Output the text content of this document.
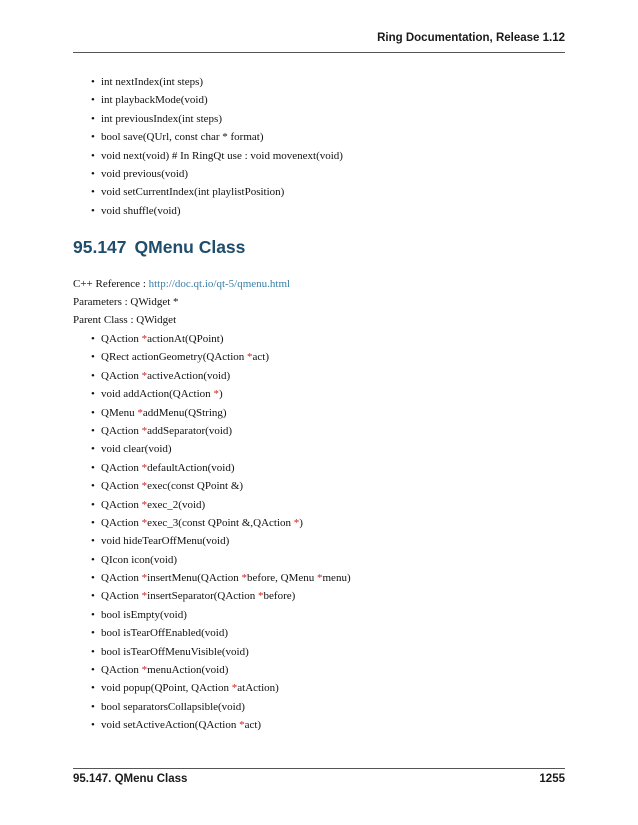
Ring Documentation, Release 1.12
• int nextIndex(int steps)
• int playbackMode(void)
• int previousIndex(int steps)
• bool save(QUrl, const char * format)
• void next(void) # In RingQt use : void movenext(void)
• void previous(void)
• void setCurrentIndex(int playlistPosition)
• void shuffle(void)
95.147 QMenu Class
C++ Reference : http://doc.qt.io/qt-5/qmenu.html
Parameters : QWidget *
Parent Class : QWidget
• QAction *actionAt(QPoint)
• QRect actionGeometry(QAction *act)
• QAction *activeAction(void)
• void addAction(QAction *)
• QMenu *addMenu(QString)
• QAction *addSeparator(void)
• void clear(void)
• QAction *defaultAction(void)
• QAction *exec(const QPoint &)
• QAction *exec_2(void)
• QAction *exec_3(const QPoint &,QAction *)
• void hideTearOffMenu(void)
• QIcon icon(void)
• QAction *insertMenu(QAction *before, QMenu *menu)
• QAction *insertSeparator(QAction *before)
• bool isEmpty(void)
• bool isTearOffEnabled(void)
• bool isTearOffMenuVisible(void)
• QAction *menuAction(void)
• void popup(QPoint, QAction *atAction)
• bool separatorsCollapsible(void)
• void setActiveAction(QAction *act)
95.147. QMenu Class	1255
